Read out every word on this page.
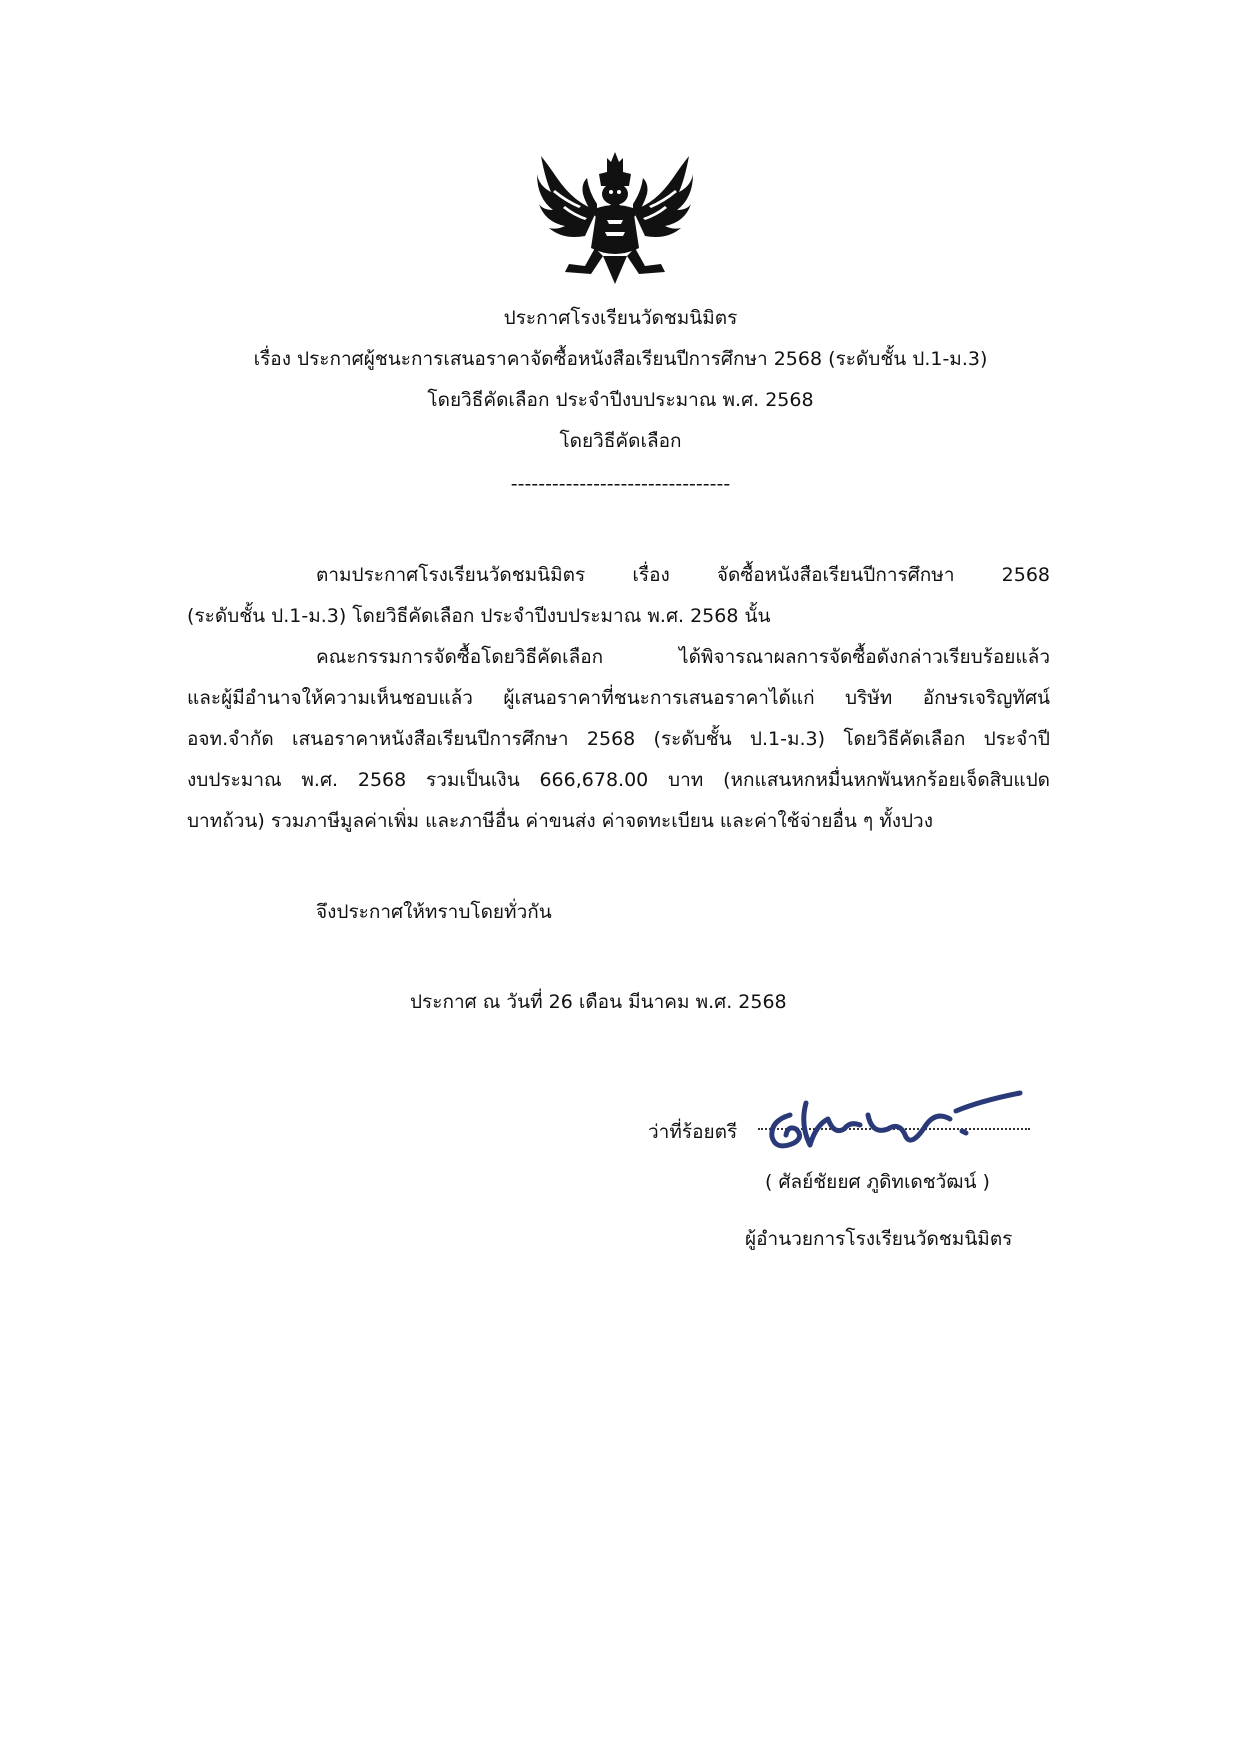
ประกาศโรงเรียนวัดชมนิมิตร
เรื่อง ประกาศผู้ชนะการเสนอราคาจัดซื้อหนังสือเรียนปีการศึกษา 2568 (ระดับชั้น ป.1-ม.3)
โดยวิธีคัดเลือก ประจำปีงบประมาณ พ.ศ. 2568
โดยวิธีคัดเลือก
--------------------------------
ตามประกาศโรงเรียนวัดชมนิมิตร เรื่อง จัดซื้อหนังสือเรียนปีการศึกษา 2568
(ระดับชั้น ป.1-ม.3) โดยวิธีคัดเลือก ประจำปีงบประมาณ พ.ศ. 2568 นั้น
คณะกรรมการจัดซื้อโดยวิธีคัดเลือก ได้พิจารณาผลการจัดซื้อดังกล่าวเรียบร้อยแล้ว
และผู้มีอำนาจให้ความเห็นชอบแล้ว ผู้เสนอราคาที่ชนะการเสนอราคาได้แก่ บริษัท อักษรเจริญทัศน์
อจท.จำกัด เสนอราคาหนังสือเรียนปีการศึกษา 2568 (ระดับชั้น ป.1-ม.3) โดยวิธีคัดเลือก ประจำปี
งบประมาณ พ.ศ. 2568 รวมเป็นเงิน 666,678.00 บาท (หกแสนหกหมื่นหกพันหกร้อยเจ็ดสิบแปด
บาทถ้วน) รวมภาษีมูลค่าเพิ่ม และภาษีอื่น ค่าขนส่ง ค่าจดทะเบียน และค่าใช้จ่ายอื่น ๆ ทั้งปวง
จึงประกาศให้ทราบโดยทั่วกัน
ประกาศ ณ วันที่ 26 เดือน มีนาคม พ.ศ. 2568
ว่าที่ร้อยตรี
( ศัลย์ชัยยศ ภูดิทเดชวัฒน์ )
ผู้อำนวยการโรงเรียนวัดชมนิมิตร
